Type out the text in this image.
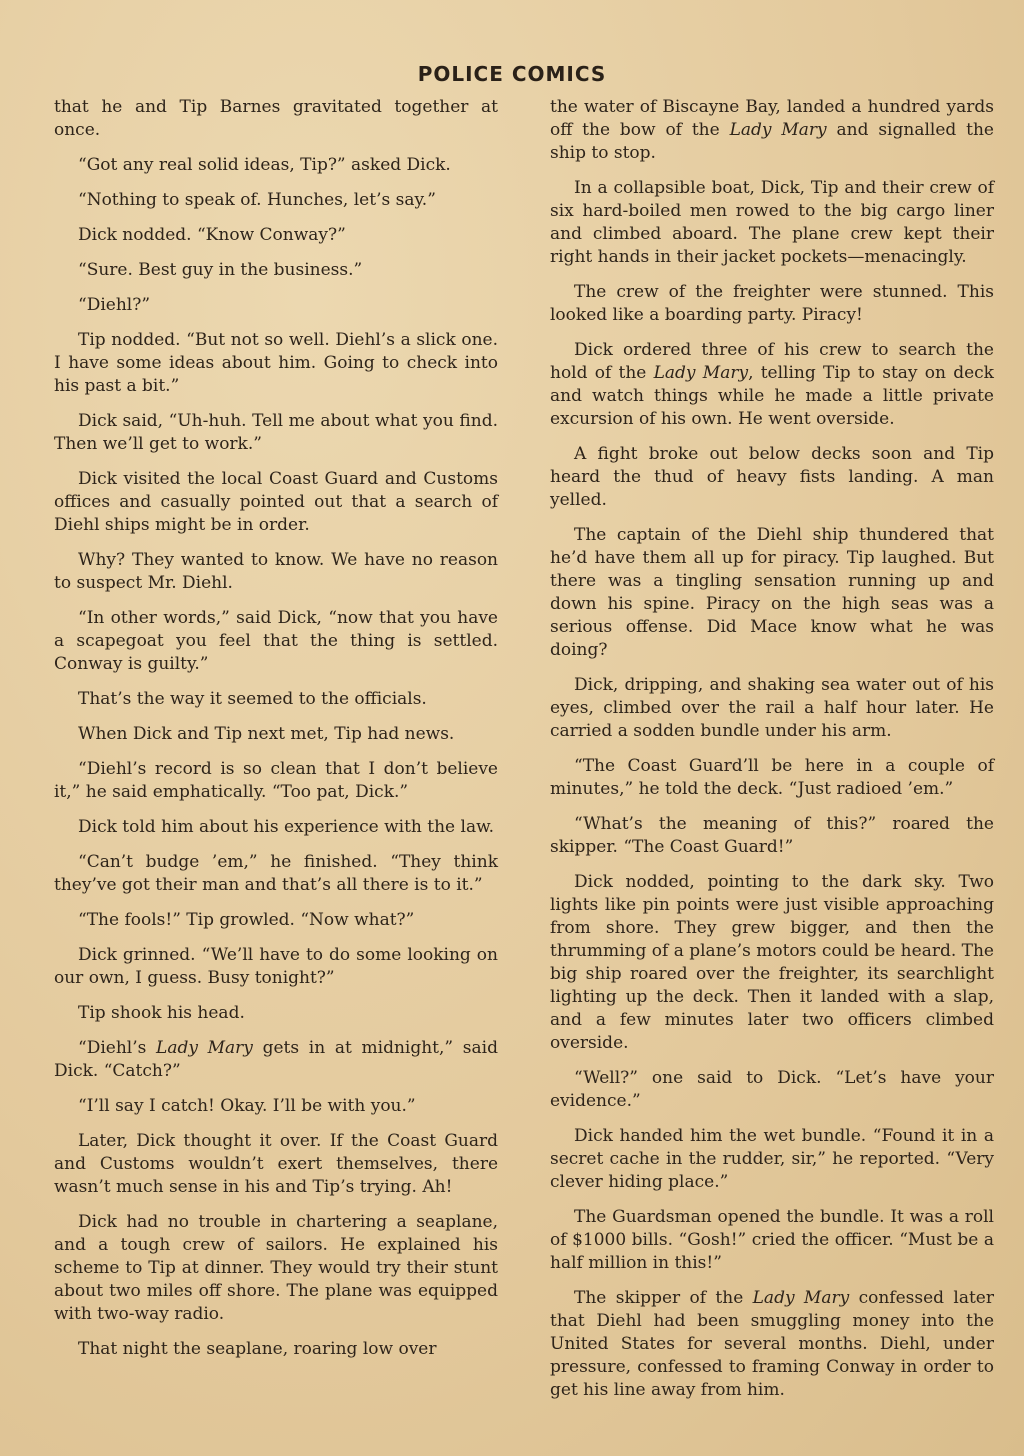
POLICE COMICS

that he and Tip Barnes gravitated together at once.

“Got any real solid ideas, Tip?” asked Dick.

“Nothing to speak of. Hunches, let’s say.”

Dick nodded. “Know Conway?”

“Sure. Best guy in the business.”

“Diehl?”

Tip nodded. “But not so well. Diehl’s a slick one. I have some ideas about him. Going to check into his past a bit.”

Dick said, “Uh-huh. Tell me about what you find. Then we’ll get to work.”

Dick visited the local Coast Guard and Customs offices and casually pointed out that a search of Diehl ships might be in order.

Why? They wanted to know. We have no reason to suspect Mr. Diehl.

“In other words,” said Dick, “now that you have a scapegoat you feel that the thing is settled. Conway is guilty.”

That’s the way it seemed to the officials.

When Dick and Tip next met, Tip had news.

“Diehl’s record is so clean that I don’t believe it,” he said emphatically. “Too pat, Dick.”

Dick told him about his experience with the law.

“Can’t budge ’em,” he finished. “They think they’ve got their man and that’s all there is to it.”

“The fools!” Tip growled. “Now what?”

Dick grinned. “We’ll have to do some looking on our own, I guess. Busy tonight?”

Tip shook his head.

“Diehl’s Lady Mary gets in at midnight,” said Dick. “Catch?”

“I’ll say I catch! Okay. I’ll be with you.”

Later, Dick thought it over. If the Coast Guard and Customs wouldn’t exert themselves, there wasn’t much sense in his and Tip’s trying. Ah!

Dick had no trouble in chartering a seaplane, and a tough crew of sailors. He explained his scheme to Tip at dinner. They would try their stunt about two miles off shore. The plane was equipped with two-way radio.

That night the seaplane, roaring low over

the water of Biscayne Bay, landed a hundred yards off the bow of the Lady Mary and signalled the ship to stop.

In a collapsible boat, Dick, Tip and their crew of six hard-boiled men rowed to the big cargo liner and climbed aboard. The plane crew kept their right hands in their jacket pockets—menacingly.

The crew of the freighter were stunned. This looked like a boarding party. Piracy!

Dick ordered three of his crew to search the hold of the Lady Mary, telling Tip to stay on deck and watch things while he made a little private excursion of his own. He went overside.

A fight broke out below decks soon and Tip heard the thud of heavy fists landing. A man yelled.

The captain of the Diehl ship thundered that he’d have them all up for piracy. Tip laughed. But there was a tingling sensation running up and down his spine. Piracy on the high seas was a serious offense. Did Mace know what he was doing?

Dick, dripping, and shaking sea water out of his eyes, climbed over the rail a half hour later. He carried a sodden bundle under his arm.

“The Coast Guard’ll be here in a couple of minutes,” he told the deck. “Just radioed ’em.”

“What’s the meaning of this?” roared the skipper. “The Coast Guard!”

Dick nodded, pointing to the dark sky. Two lights like pin points were just visible approaching from shore. They grew bigger, and then the thrumming of a plane’s motors could be heard. The big ship roared over the freighter, its searchlight lighting up the deck. Then it landed with a slap, and a few minutes later two officers climbed overside.

“Well?” one said to Dick. “Let’s have your evidence.”

Dick handed him the wet bundle. “Found it in a secret cache in the rudder, sir,” he reported. “Very clever hiding place.”

The Guardsman opened the bundle. It was a roll of $1000 bills. “Gosh!” cried the officer. “Must be a half million in this!”

The skipper of the Lady Mary confessed later that Diehl had been smuggling money into the United States for several months. Diehl, under pressure, confessed to framing Conway in order to get his line away from him.
